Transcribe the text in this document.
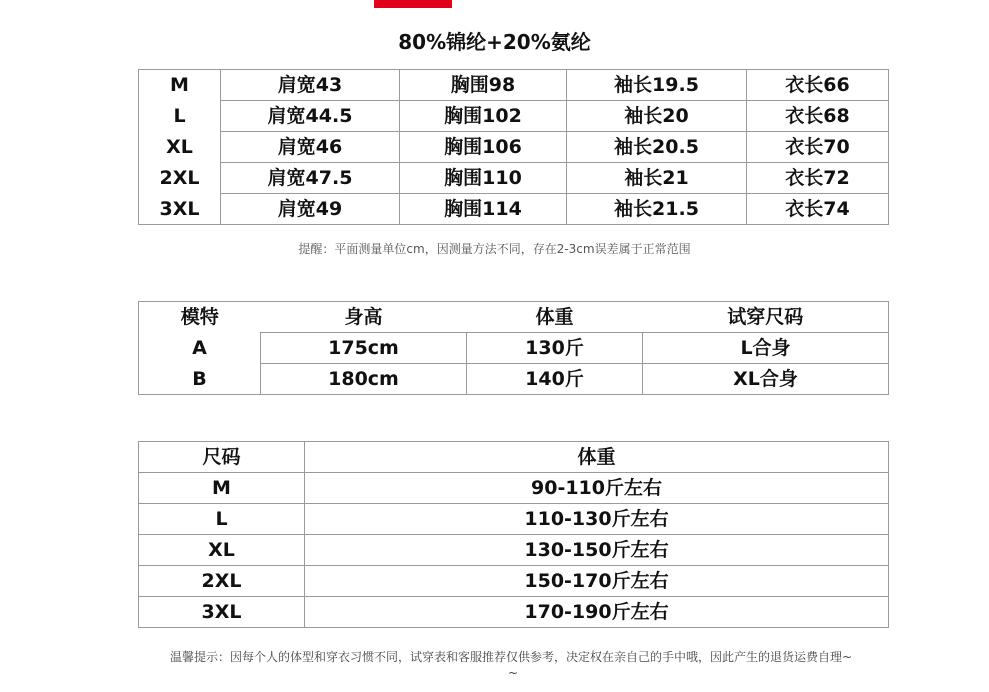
80%锦纶+20%氨纶
M	肩宽43	胸围98	袖长19.5	衣长66
L	肩宽44.5	胸围102	袖长20	衣长68
XL	肩宽46	胸围106	袖长20.5	衣长70
2XL	肩宽47.5	胸围110	袖长21	衣长72
3XL	肩宽49	胸围114	袖长21.5	衣长74
提醒：平面测量单位cm，因测量方法不同，存在2-3cm误差属于正常范围
模特	身高	体重	试穿尺码
A	175cm	130斤	L合身
B	180cm	140斤	XL合身
尺码	体重
M	90-110斤左右
L	110-130斤左右
XL	130-150斤左右
2XL	150-170斤左右
3XL	170-190斤左右
温馨提示：因每个人的体型和穿衣习惯不同，试穿表和客服推荐仅供参考，决定权在亲自己的手中哦，因此产生的退货运费自理~
~
